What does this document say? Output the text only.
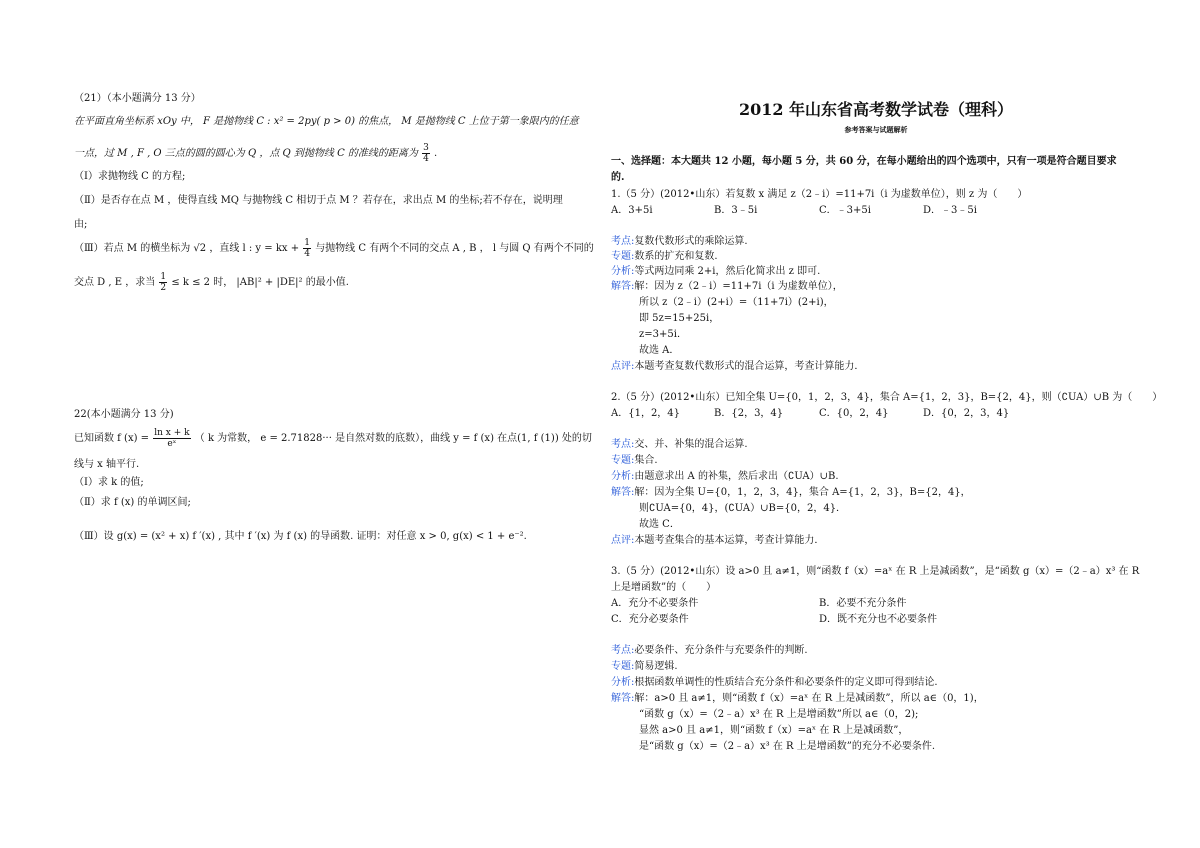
（21）（本小题满分 13 分）
在平面直角坐标系 xOy 中， F 是抛物线 C : x² = 2py( p > 0) 的焦点， M 是抛物线 C 上位于第一象限内的任意
一点，过 M , F , O 三点的圆的圆心为 Q ，点 Q 到抛物线 C 的准线的距离为 $\frac{3}{4}$ .
（Ⅰ）求抛物线 C 的方程;
（Ⅱ）是否存在点 M ，使得直线 MQ 与抛物线 C 相切于点 M ？若存在，求出点 M 的坐标;若不存在，说明理
由;
（Ⅲ）若点 M 的横坐标为 √2 ，直线 l : y = kx + $\frac{1}{4}$ 与抛物线 C 有两个不同的交点 A , B ， l 与圆 Q 有两个不同的
交点 D , E ，求当 $\frac{1}{2} \le k \le 2$ 时， |AB|² + |DE|² 的最小值.
22(本小题满分 13 分)
已知函数 f $(x) = \frac{\text{ln x + k}}{\text{eˣ}}$ （ k 为常数， e = 2.71828··· 是自然对数的底数），曲线 y = f (x) 在点(1, f (1)) 处的切
线与 x 轴平行.
（Ⅰ）求 k 的值;
（Ⅱ）求 f (x) 的单调区间;
（Ⅲ）设 g(x) = (x² + x) f ′(x) , 其中 f ′(x) 为 f (x) 的导函数. 证明：对任意 x > 0, g(x) < 1 + e⁻².
2012 年山东省高考数学试卷（理科）
参考答案与试题解析
一、选择题：本大题共 12 小题，每小题 5 分，共 60 分，在每小题给出的四个选项中，只有一项是符合题目要求
的.
1.（5 分）(2012•山东）若复数 x 满足 z（2﹣i）=11+7i（i 为虚数单位），则 z 为（　　）
A．3+5i	B．3﹣5i	C．﹣3+5i	D．﹣3﹣5i
考点:复数代数形式的乘除运算.
专题:数系的扩充和复数.
分析:等式两边同乘 2+i，然后化简求出 z 即可.
解答:解：因为 z（2﹣i）=11+7i（i 为虚数单位），
所以 z（2﹣i）(2+i）=（11+7i）(2+i)，
即 5z=15+25i，
z=3+5i．
故选 A．
点评:本题考查复数代数形式的混合运算，考查计算能力．
2.（5 分）(2012•山东）已知全集 U={0，1，2，3，4}，集合 A={1，2，3}，B={2，4}，则（∁UA）∪B 为（　　）
A．{1，2，4}	B．{2，3，4}	C．{0，2，4}	D．{0，2，3，4}
考点:交、并、补集的混合运算.
专题:集合.
分析:由题意求出 A 的补集，然后求出（∁UA）∪B.
解答:解：因为全集 U={0，1，2，3，4}，集合 A={1，2，3}，B={2，4}，
则∁UA={0，4}，(∁UA）∪B={0，2，4}．
故选 C．
点评:本题考查集合的基本运算，考查计算能力．
3.（5 分）(2012•山东）设 a>0 且 a≠1，则“函数 f（x）=aˣ 在 R 上是减函数”，是“函数 g（x）=（2﹣a）x³ 在 R
上是增函数”的（　　）
A．充分不必要条件	B．必要不充分条件
C．充分必要条件	D．既不充分也不必要条件
考点:必要条件、充分条件与充要条件的判断.
专题:简易逻辑.
分析:根据函数单调性的性质结合充分条件和必要条件的定义即可得到结论.
解答:解：a>0 且 a≠1，则“函数 f（x）=aˣ 在 R 上是减函数”，所以 a∈（0，1)，
“函数 g（x）=（2﹣a）x³ 在 R 上是增函数”所以 a∈（0，2);
显然 a>0 且 a≠1，则“函数 f（x）=aˣ 在 R 上是减函数”，
是“函数 g（x）=（2﹣a）x³ 在 R 上是增函数”的充分不必要条件.
